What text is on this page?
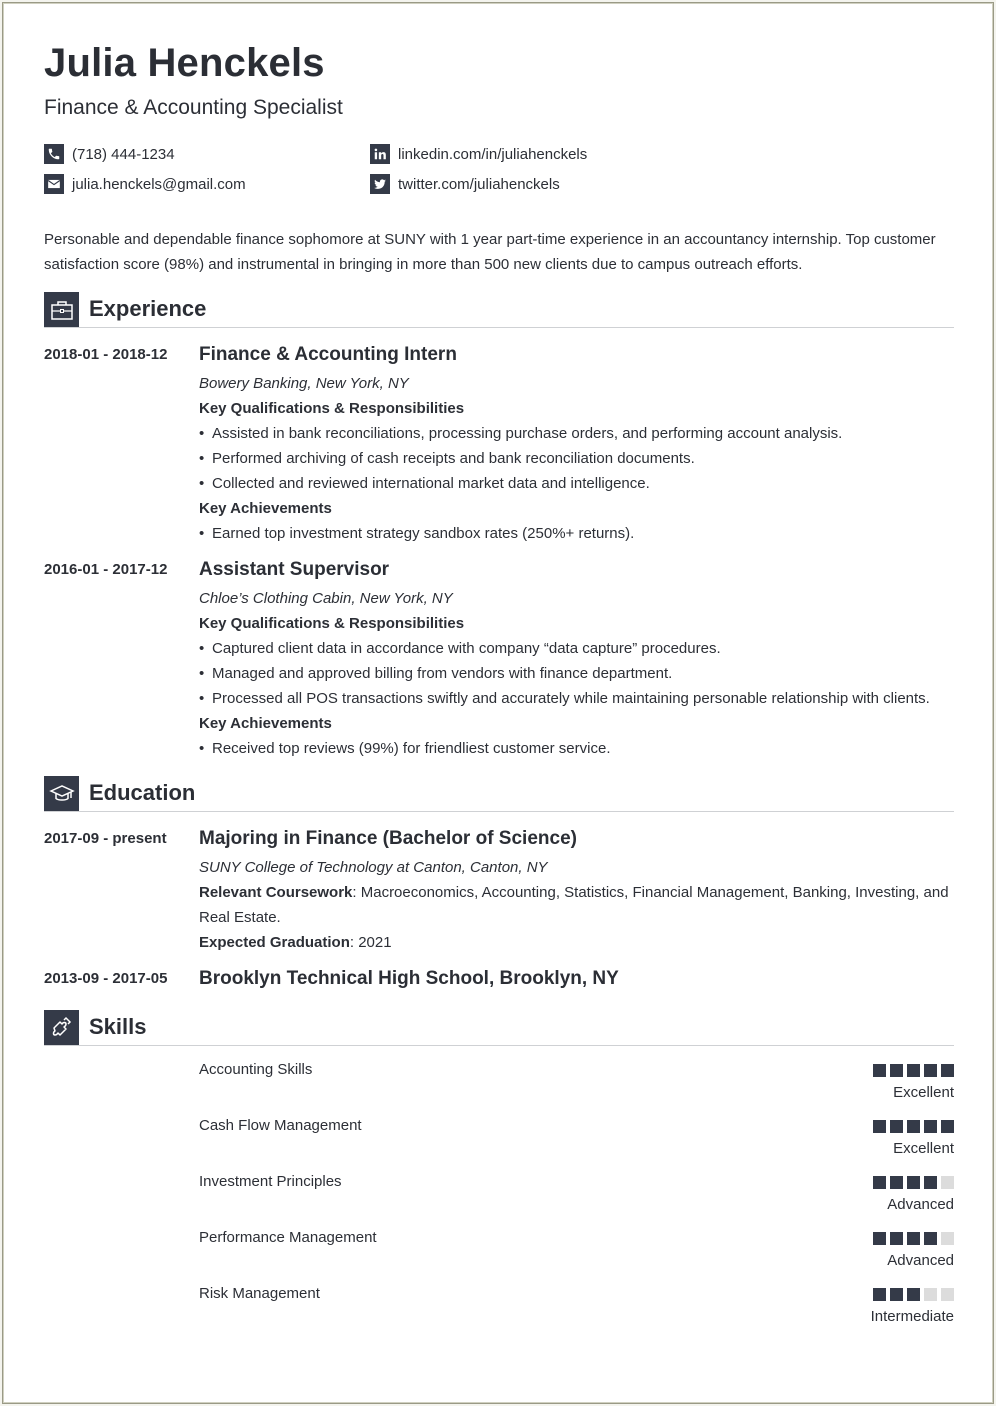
Julia Henckels
Finance & Accounting Specialist
(718) 444-1234
julia.henckels@gmail.com
linkedin.com/in/juliahenckels
twitter.com/juliahenckels
Personable and dependable finance sophomore at SUNY with 1 year part-time experience in an accountancy internship. Top customer satisfaction score (98%) and instrumental in bringing in more than 500 new clients due to campus outreach efforts.
Experience
2018-01 - 2018-12 Finance & Accounting Intern
Bowery Banking, New York, NY
Key Qualifications & Responsibilities
• Assisted in bank reconciliations, processing purchase orders, and performing account analysis.
• Performed archiving of cash receipts and bank reconciliation documents.
• Collected and reviewed international market data and intelligence.
Key Achievements
• Earned top investment strategy sandbox rates (250%+ returns).
2016-01 - 2017-12 Assistant Supervisor
Chloe’s Clothing Cabin, New York, NY
Key Qualifications & Responsibilities
• Captured client data in accordance with company “data capture” procedures.
• Managed and approved billing from vendors with finance department.
• Processed all POS transactions swiftly and accurately while maintaining personable relationship with clients.
Key Achievements
• Received top reviews (99%) for friendliest customer service.
Education
2017-09 - present Majoring in Finance (Bachelor of Science)
SUNY College of Technology at Canton, Canton, NY
Relevant Coursework: Macroeconomics, Accounting, Statistics, Financial Management, Banking, Investing, and Real Estate.
Expected Graduation: 2021
2013-09 - 2017-05 Brooklyn Technical High School, Brooklyn, NY
Skills
Accounting Skills
Excellent
Cash Flow Management
Excellent
Investment Principles
Advanced
Performance Management
Advanced
Risk Management
Intermediate
